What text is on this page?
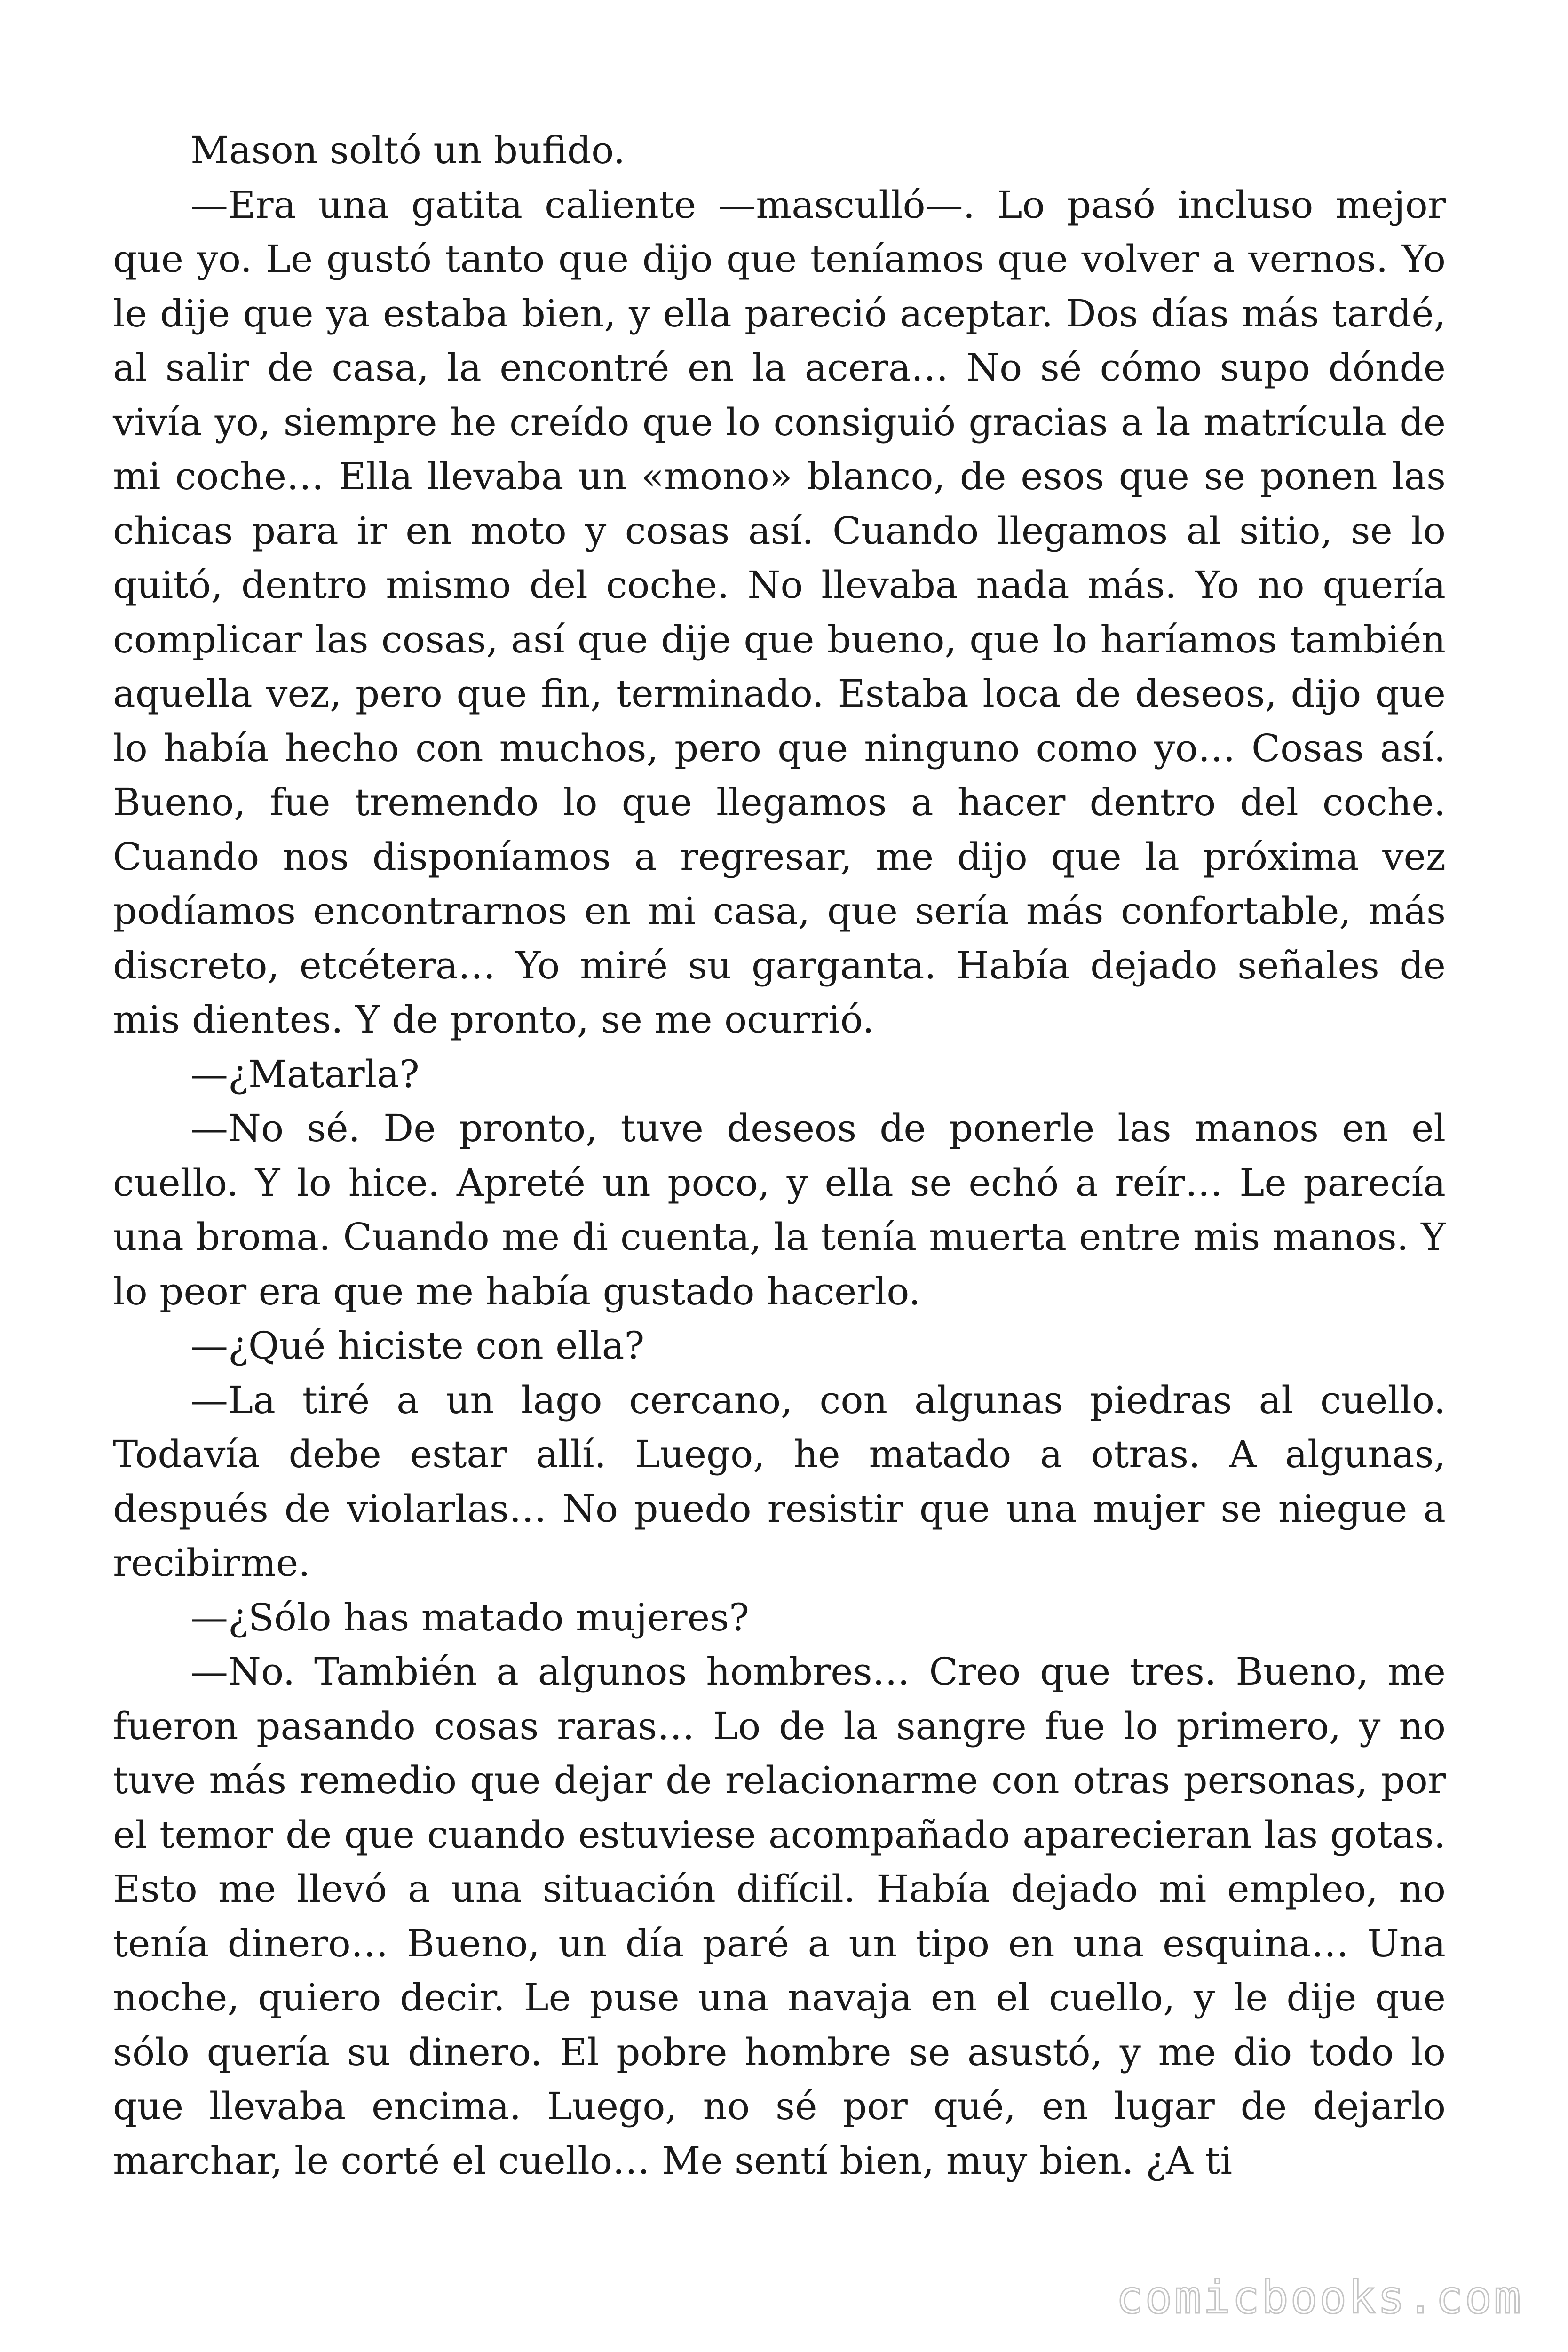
Mason soltó un bufido.

—Era una gatita caliente —masculló—. Lo pasó incluso mejor que yo. Le gustó tanto que dijo que teníamos que volver a vernos. Yo le dije que ya estaba bien, y ella pareció aceptar. Dos días más tardé, al salir de casa, la encontré en la acera… No sé cómo supo dónde vivía yo, siempre he creído que lo consiguió gracias a la matrícula de mi coche… Ella llevaba un «mono» blanco, de esos que se ponen las chicas para ir en moto y cosas así. Cuando llegamos al sitio, se lo quitó, dentro mismo del coche. No llevaba nada más. Yo no quería complicar las cosas, así que dije que bueno, que lo haríamos también aquella vez, pero que fin, terminado. Estaba loca de deseos, dijo que lo había hecho con muchos, pero que ninguno como yo… Cosas así. Bueno, fue tremendo lo que llegamos a hacer dentro del coche. Cuando nos disponíamos a regresar, me dijo que la próxima vez podíamos encontrarnos en mi casa, que sería más confortable, más discreto, etcétera… Yo miré su garganta. Había dejado señales de mis dientes. Y de pronto, se me ocurrió.

—¿Matarla?

—No sé. De pronto, tuve deseos de ponerle las manos en el cuello. Y lo hice. Apreté un poco, y ella se echó a reír… Le parecía una broma. Cuando me di cuenta, la tenía muerta entre mis manos. Y lo peor era que me había gustado hacerlo.

—¿Qué hiciste con ella?

—La tiré a un lago cercano, con algunas piedras al cuello. Todavía debe estar allí. Luego, he matado a otras. A algunas, después de violarlas… No puedo resistir que una mujer se niegue a recibirme.

—¿Sólo has matado mujeres?

—No. También a algunos hombres… Creo que tres. Bueno, me fueron pasando cosas raras… Lo de la sangre fue lo primero, y no tuve más remedio que dejar de relacionarme con otras personas, por el temor de que cuando estuviese acompañado aparecieran las gotas. Esto me llevó a una situación difícil. Había dejado mi empleo, no tenía dinero… Bueno, un día paré a un tipo en una esquina… Una noche, quiero decir. Le puse una navaja en el cuello, y le dije que sólo quería su dinero. El pobre hombre se asustó, y me dio todo lo que llevaba encima. Luego, no sé por qué, en lugar de dejarlo marchar, le corté el cuello… Me sentí bien, muy bien. ¿A ti

comicbooks.com
